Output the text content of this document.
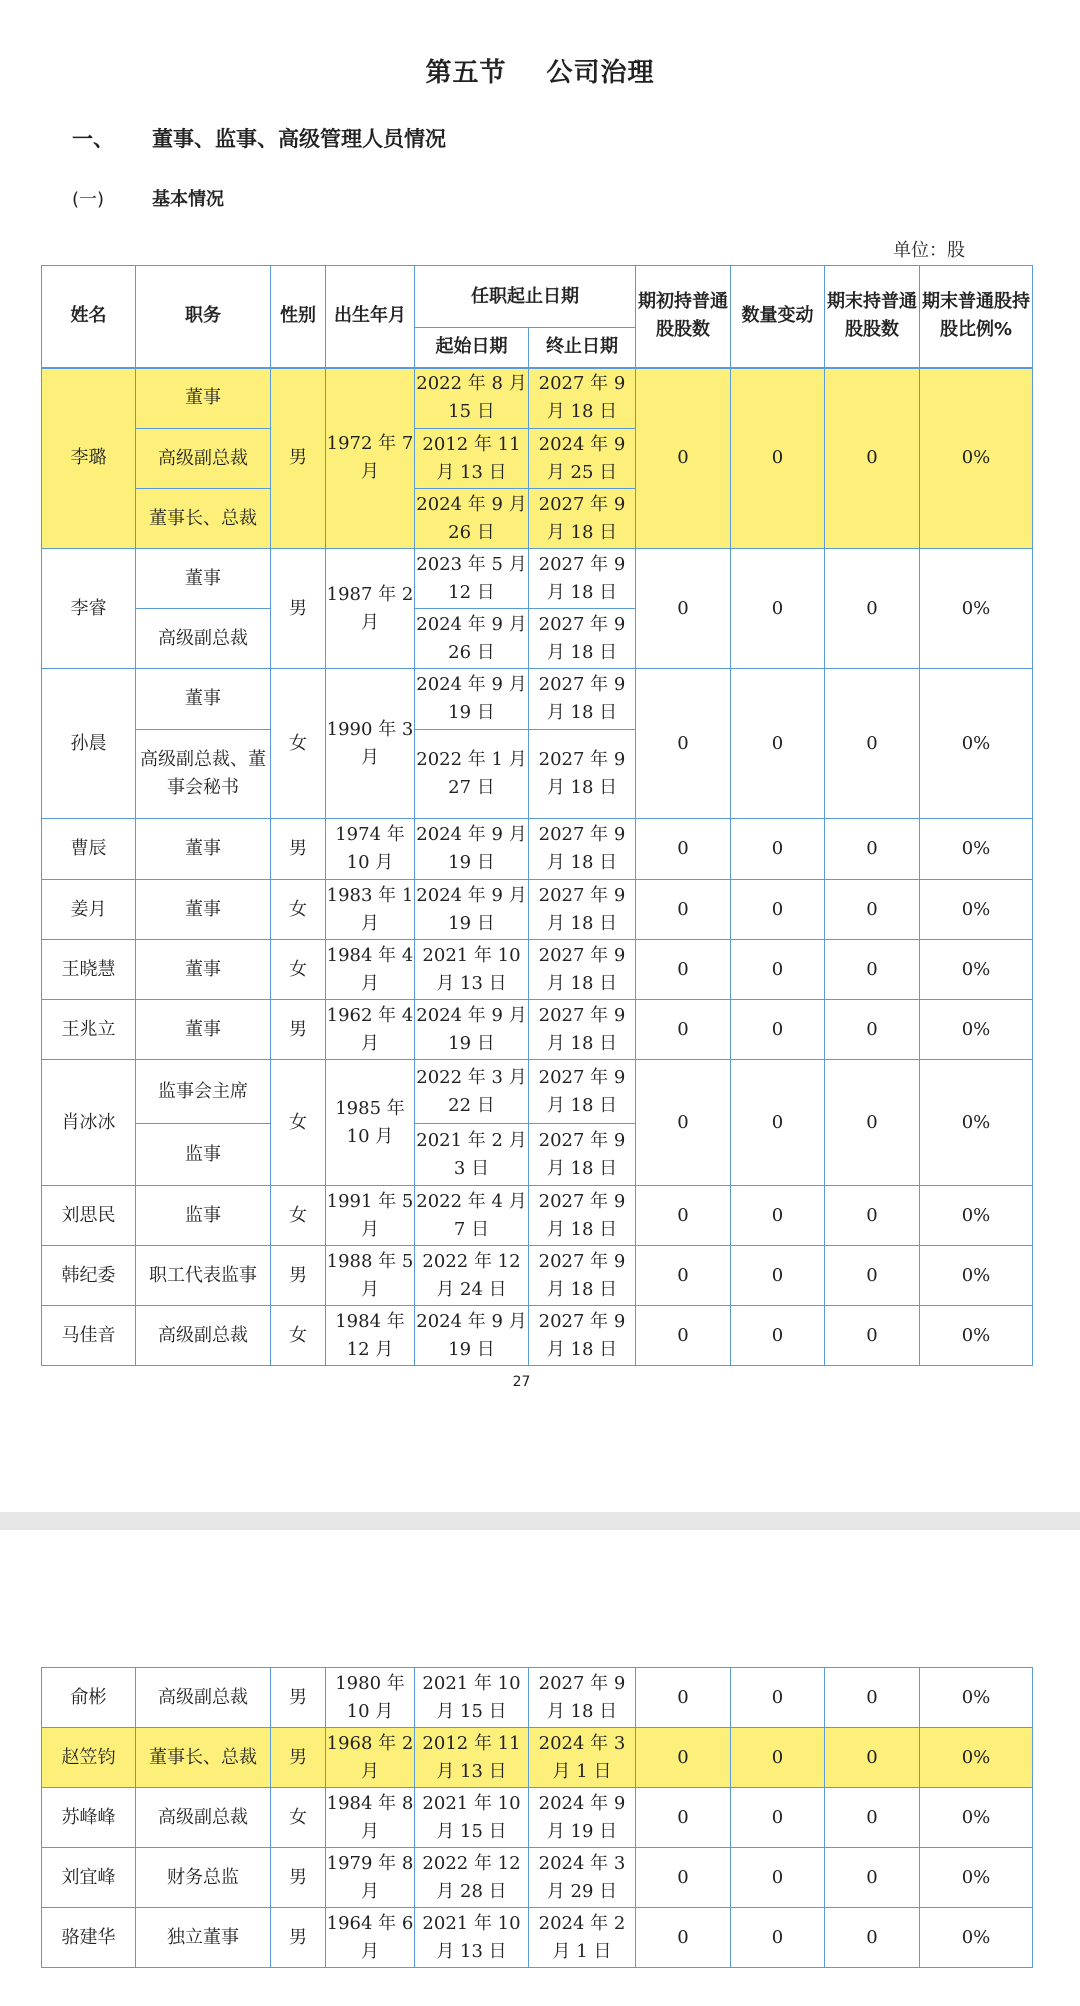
第五节 公司治理
一、 董事、监事、高级管理人员情况
(一)	基本情况
单位：股
姓名	职务	性别	出生年月	任职起止日期		期初持普通股股数	数量变动	期末持普通股股数	期末普通股持股比例%
				起始日期	终止日期				
李璐	董事	男	1972 年 7 月	2022 年 8 月 15 日	2027 年 9 月 18 日	0	0	0	0%
	高级副总裁			2012 年 11 月 13 日	2024 年 9 月 25 日				
	董事长、总裁			2024 年 9 月 26 日	2027 年 9 月 18 日				
李睿	董事	男	1987 年 2 月	2023 年 5 月 12 日	2027 年 9 月 18 日	0	0	0	0%
	高级副总裁			2024 年 9 月 26 日	2027 年 9 月 18 日				
孙晨	董事	女	1990 年 3 月	2024 年 9 月 19 日	2027 年 9 月 18 日	0	0	0	0%
	高级副总裁、董事会秘书			2022 年 1 月 27 日	2027 年 9 月 18 日				
曹辰	董事	男	1974 年 10 月	2024 年 9 月 19 日	2027 年 9 月 18 日	0	0	0	0%
姜月	董事	女	1983 年 1 月	2024 年 9 月 19 日	2027 年 9 月 18 日	0	0	0	0%
王晓慧	董事	女	1984 年 4 月	2021 年 10 月 13 日	2027 年 9 月 18 日	0	0	0	0%
王兆立	董事	男	1962 年 4 月	2024 年 9 月 19 日	2027 年 9 月 18 日	0	0	0	0%
肖冰冰	监事会主席	女	1985 年 10 月	2022 年 3 月 22 日	2027 年 9 月 18 日	0	0	0	0%
	监事			2021 年 2 月 3 日	2027 年 9 月 18 日				
刘思民	监事	女	1991 年 5 月	2022 年 4 月 7 日	2027 年 9 月 18 日	0	0	0	0%
韩纪委	职工代表监事	男	1988 年 5 月	2022 年 12 月 24 日	2027 年 9 月 18 日	0	0	0	0%
马佳音	高级副总裁	女	1984 年 12 月	2024 年 9 月 19 日	2027 年 9 月 18 日	0	0	0	0%
27
俞彬	高级副总裁	男	1980 年 10 月	2021 年 10 月 15 日	2027 年 9 月 18 日	0	0	0	0%
赵笠钧	董事长、总裁	男	1968 年 2 月	2012 年 11 月 13 日	2024 年 3 月 1 日	0	0	0	0%
苏峰峰	高级副总裁	女	1984 年 8 月	2021 年 10 月 15 日	2024 年 9 月 19 日	0	0	0	0%
刘宜峰	财务总监	男	1979 年 8 月	2022 年 12 月 28 日	2024 年 3 月 29 日	0	0	0	0%
骆建华	独立董事	男	1964 年 6 月	2021 年 10 月 13 日	2024 年 2 月 1 日	0	0	0	0%
